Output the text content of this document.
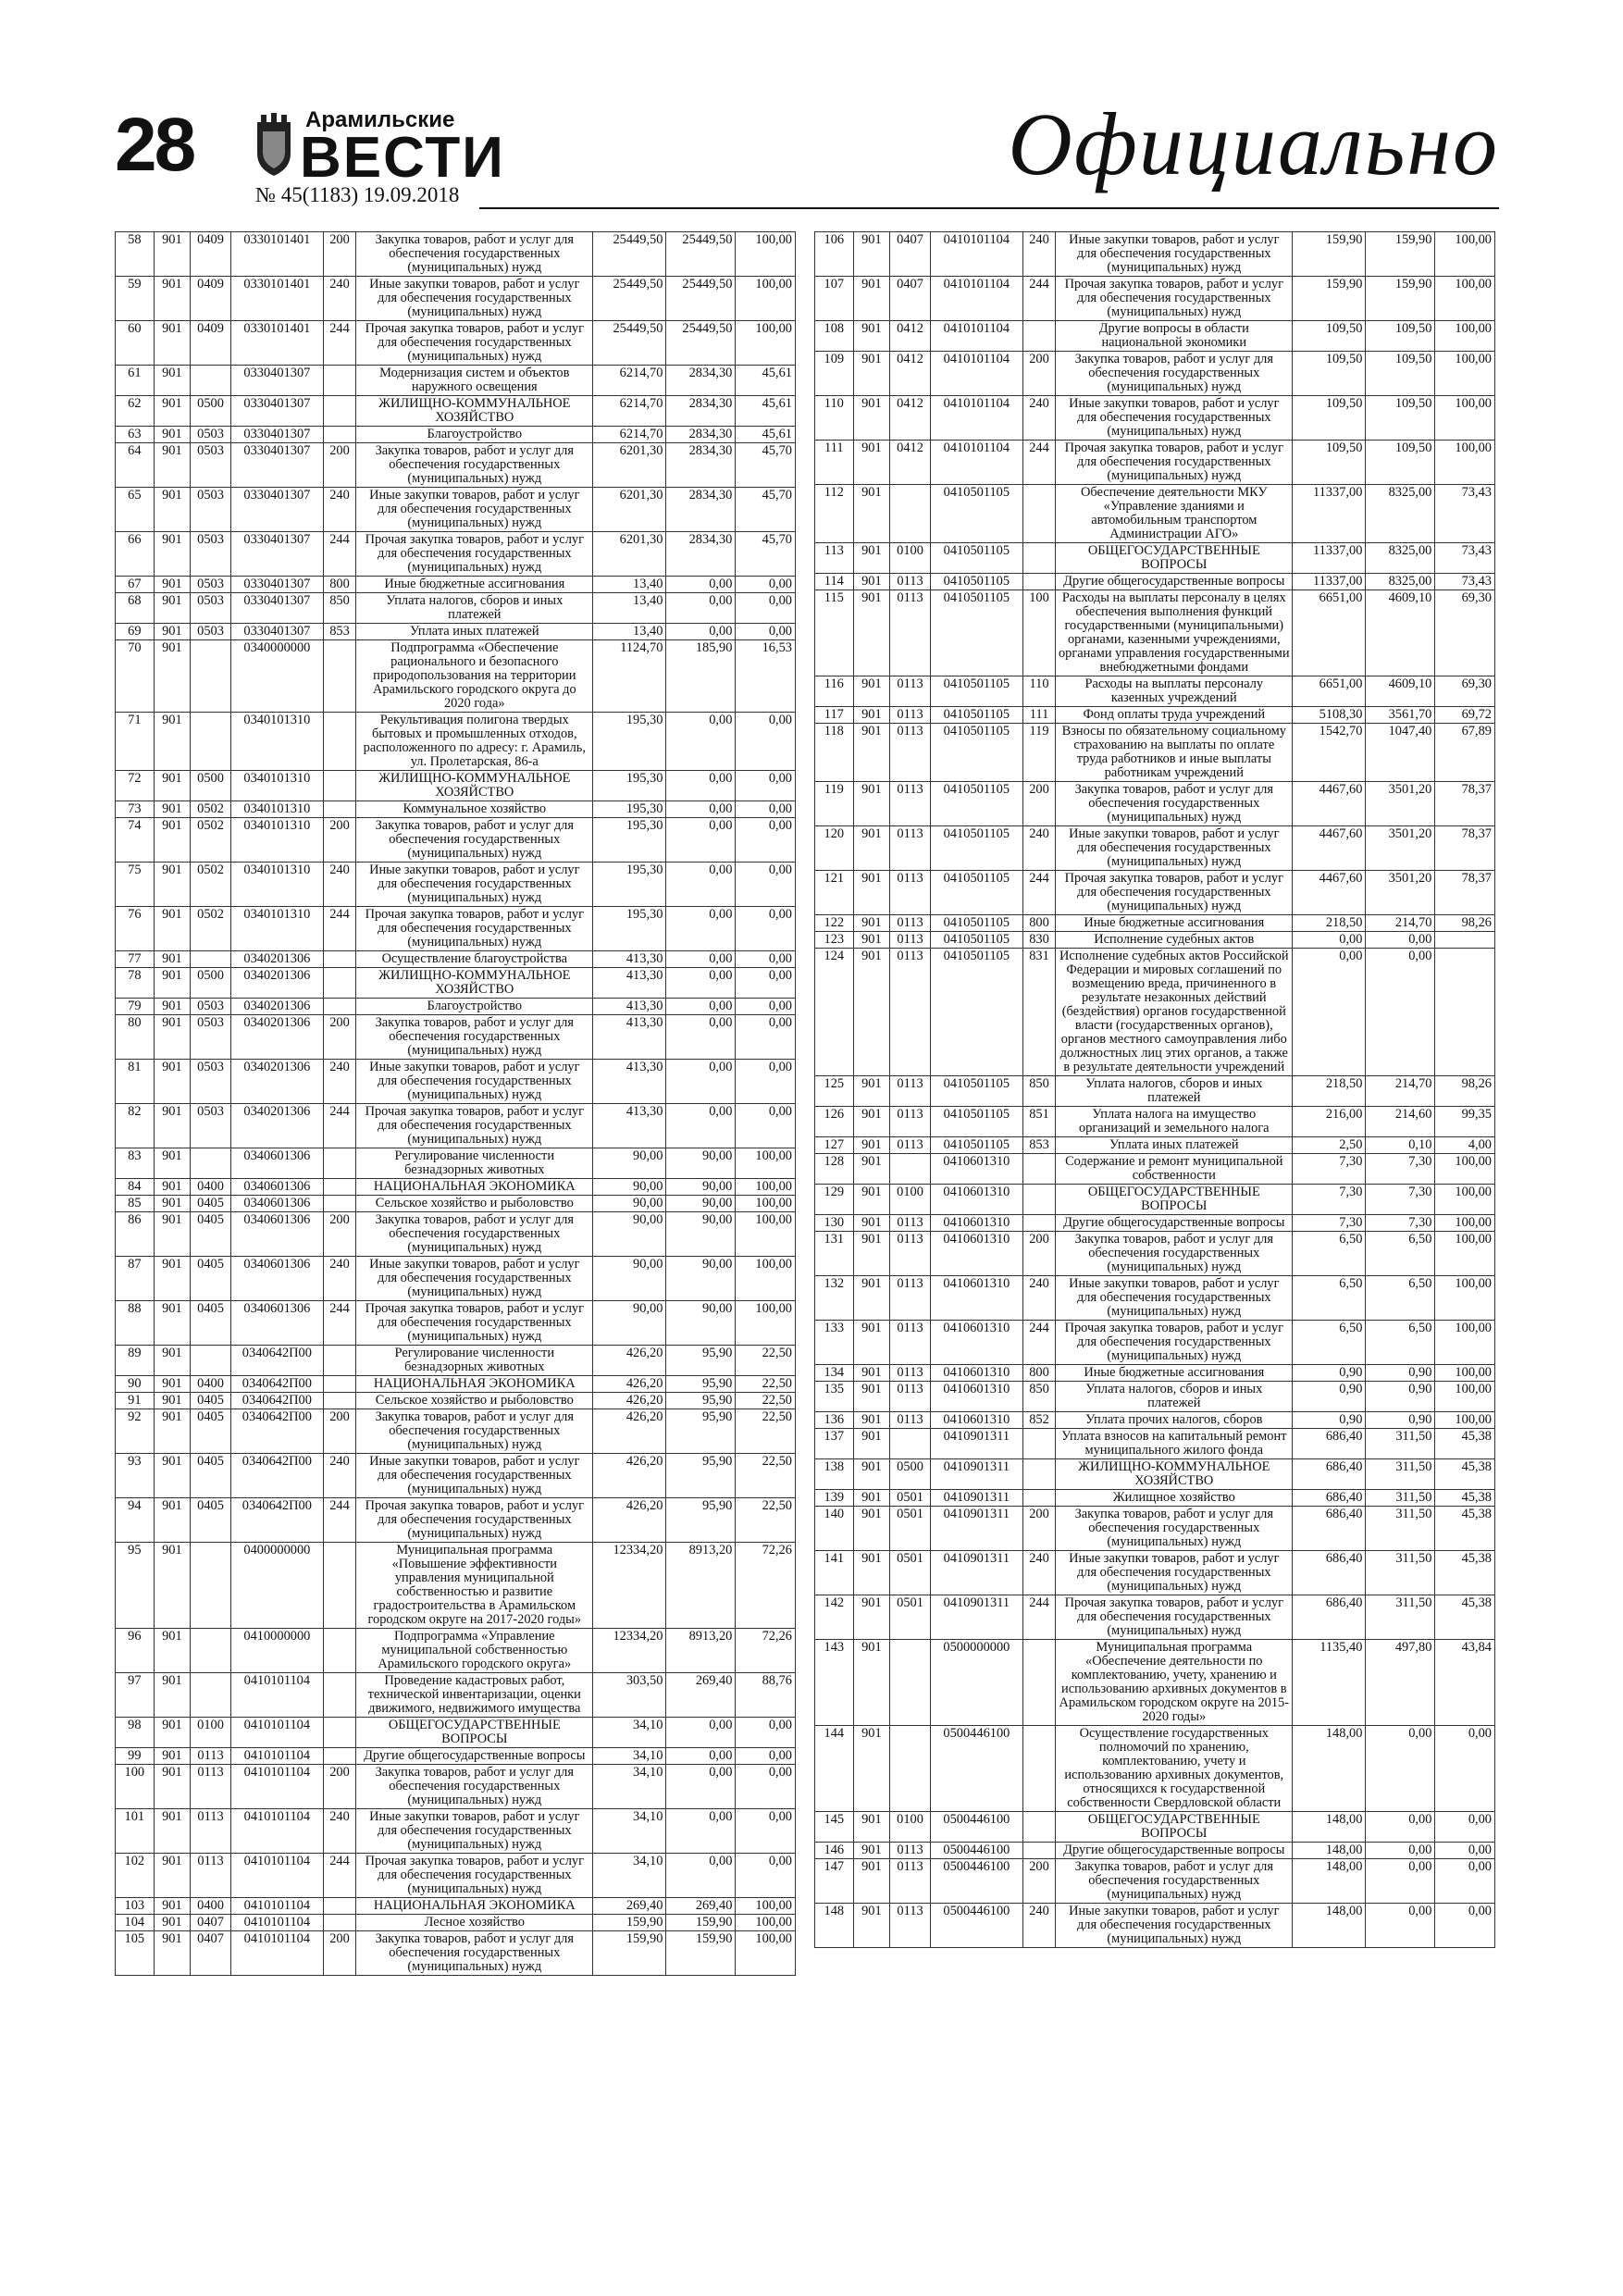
28	Арамильские
ВЕСТИ
№ 45(1183) 19.09.2018
Официально
58	901	0409	0330101401	200	Закупка товаров, работ и услуг для обеспечения государственных (муниципальных) нужд	25449,50	25449,50	100,00
59	901	0409	0330101401	240	Иные закупки товаров, работ и услуг для обеспечения государственных (муниципальных) нужд	25449,50	25449,50	100,00
60	901	0409	0330101401	244	Прочая закупка товаров, работ и услуг для обеспечения государственных (муниципальных) нужд	25449,50	25449,50	100,00
61	901		0330401307		Модернизация систем и объектов наружного освещения	6214,70	2834,30	45,61
62	901	0500	0330401307		ЖИЛИЩНО-КОММУНАЛЬНОЕ ХОЗЯЙСТВО	6214,70	2834,30	45,61
63	901	0503	0330401307		Благоустройство	6214,70	2834,30	45,61
64	901	0503	0330401307	200	Закупка товаров, работ и услуг для обеспечения государственных (муниципальных) нужд	6201,30	2834,30	45,70
65	901	0503	0330401307	240	Иные закупки товаров, работ и услуг для обеспечения государственных (муниципальных) нужд	6201,30	2834,30	45,70
66	901	0503	0330401307	244	Прочая закупка товаров, работ и услуг для обеспечения государственных (муниципальных) нужд	6201,30	2834,30	45,70
67	901	0503	0330401307	800	Иные бюджетные ассигнования	13,40	0,00	0,00
68	901	0503	0330401307	850	Уплата налогов, сборов и иных платежей	13,40	0,00	0,00
69	901	0503	0330401307	853	Уплата иных платежей	13,40	0,00	0,00
70	901		0340000000		Подпрограмма «Обеспечение рационального и безопасного природопользования на территории Арамильского городского округа до 2020 года»	1124,70	185,90	16,53
71	901		0340101310		Рекультивация полигона твердых бытовых и промышленных отходов, расположенного по адресу: г. Арамиль, ул. Пролетарская, 86-а	195,30	0,00	0,00
72	901	0500	0340101310		ЖИЛИЩНО-КОММУНАЛЬНОЕ ХОЗЯЙСТВО	195,30	0,00	0,00
73	901	0502	0340101310		Коммунальное хозяйство	195,30	0,00	0,00
74	901	0502	0340101310	200	Закупка товаров, работ и услуг для обеспечения государственных (муниципальных) нужд	195,30	0,00	0,00
75	901	0502	0340101310	240	Иные закупки товаров, работ и услуг для обеспечения государственных (муниципальных) нужд	195,30	0,00	0,00
76	901	0502	0340101310	244	Прочая закупка товаров, работ и услуг для обеспечения государственных (муниципальных) нужд	195,30	0,00	0,00
77	901		0340201306		Осуществление благоустройства	413,30	0,00	0,00
78	901	0500	0340201306		ЖИЛИЩНО-КОММУНАЛЬНОЕ ХОЗЯЙСТВО	413,30	0,00	0,00
79	901	0503	0340201306		Благоустройство	413,30	0,00	0,00
80	901	0503	0340201306	200	Закупка товаров, работ и услуг для обеспечения государственных (муниципальных) нужд	413,30	0,00	0,00
81	901	0503	0340201306	240	Иные закупки товаров, работ и услуг для обеспечения государственных (муниципальных) нужд	413,30	0,00	0,00
82	901	0503	0340201306	244	Прочая закупка товаров, работ и услуг для обеспечения государственных (муниципальных) нужд	413,30	0,00	0,00
83	901		0340601306		Регулирование численности безнадзорных животных	90,00	90,00	100,00
84	901	0400	0340601306		НАЦИОНАЛЬНАЯ ЭКОНОМИКА	90,00	90,00	100,00
85	901	0405	0340601306		Сельское хозяйство и рыболовство	90,00	90,00	100,00
86	901	0405	0340601306	200	Закупка товаров, работ и услуг для обеспечения государственных (муниципальных) нужд	90,00	90,00	100,00
87	901	0405	0340601306	240	Иные закупки товаров, работ и услуг для обеспечения государственных (муниципальных) нужд	90,00	90,00	100,00
88	901	0405	0340601306	244	Прочая закупка товаров, работ и услуг для обеспечения государственных (муниципальных) нужд	90,00	90,00	100,00
89	901		0340642П00		Регулирование численности безнадзорных животных	426,20	95,90	22,50
90	901	0400	0340642П00		НАЦИОНАЛЬНАЯ ЭКОНОМИКА	426,20	95,90	22,50
91	901	0405	0340642П00		Сельское хозяйство и рыболовство	426,20	95,90	22,50
92	901	0405	0340642П00	200	Закупка товаров, работ и услуг для обеспечения государственных (муниципальных) нужд	426,20	95,90	22,50
93	901	0405	0340642П00	240	Иные закупки товаров, работ и услуг для обеспечения государственных (муниципальных) нужд	426,20	95,90	22,50
94	901	0405	0340642П00	244	Прочая закупка товаров, работ и услуг для обеспечения государственных (муниципальных) нужд	426,20	95,90	22,50
95	901		0400000000		Муниципальная программа «Повышение эффективности управления муниципальной собственностью и развитие градостроительства в Арамильском городском округе на 2017-2020 годы»	12334,20	8913,20	72,26
96	901		0410000000		Подпрограмма «Управление муниципальной собственностью Арамильского городского округа»	12334,20	8913,20	72,26
97	901		0410101104		Проведение кадастровых работ, технической инвентаризации, оценки движимого, недвижимого имущества	303,50	269,40	88,76
98	901	0100	0410101104		ОБЩЕГОСУДАРСТВЕННЫЕ ВОПРОСЫ	34,10	0,00	0,00
99	901	0113	0410101104		Другие общегосударственные вопросы	34,10	0,00	0,00
100	901	0113	0410101104	200	Закупка товаров, работ и услуг для обеспечения государственных (муниципальных) нужд	34,10	0,00	0,00
101	901	0113	0410101104	240	Иные закупки товаров, работ и услуг для обеспечения государственных (муниципальных) нужд	34,10	0,00	0,00
102	901	0113	0410101104	244	Прочая закупка товаров, работ и услуг для обеспечения государственных (муниципальных) нужд	34,10	0,00	0,00
103	901	0400	0410101104		НАЦИОНАЛЬНАЯ ЭКОНОМИКА	269,40	269,40	100,00
104	901	0407	0410101104		Лесное хозяйство	159,90	159,90	100,00
105	901	0407	0410101104	200	Закупка товаров, работ и услуг для обеспечения государственных (муниципальных) нужд	159,90	159,90	100,00
106	901	0407	0410101104	240	Иные закупки товаров, работ и услуг для обеспечения государственных (муниципальных) нужд	159,90	159,90	100,00
107	901	0407	0410101104	244	Прочая закупка товаров, работ и услуг для обеспечения государственных (муниципальных) нужд	159,90	159,90	100,00
108	901	0412	0410101104		Другие вопросы в области национальной экономики	109,50	109,50	100,00
109	901	0412	0410101104	200	Закупка товаров, работ и услуг для обеспечения государственных (муниципальных) нужд	109,50	109,50	100,00
110	901	0412	0410101104	240	Иные закупки товаров, работ и услуг для обеспечения государственных (муниципальных) нужд	109,50	109,50	100,00
111	901	0412	0410101104	244	Прочая закупка товаров, работ и услуг для обеспечения государственных (муниципальных) нужд	109,50	109,50	100,00
112	901		0410501105		Обеспечение деятельности МКУ «Управление зданиями и автомобильным транспортом Администрации АГО»	11337,00	8325,00	73,43
113	901	0100	0410501105		ОБЩЕГОСУДАРСТВЕННЫЕ ВОПРОСЫ	11337,00	8325,00	73,43
114	901	0113	0410501105		Другие общегосударственные вопросы	11337,00	8325,00	73,43
115	901	0113	0410501105	100	Расходы на выплаты персоналу в целях обеспечения выполнения функций государственными (муниципальными) органами, казенными учреждениями, органами управления государственными внебюджетными фондами	6651,00	4609,10	69,30
116	901	0113	0410501105	110	Расходы на выплаты персоналу казенных учреждений	6651,00	4609,10	69,30
117	901	0113	0410501105	111	Фонд оплаты труда учреждений	5108,30	3561,70	69,72
118	901	0113	0410501105	119	Взносы по обязательному социальному страхованию на выплаты по оплате труда работников и иные выплаты работникам учреждений	1542,70	1047,40	67,89
119	901	0113	0410501105	200	Закупка товаров, работ и услуг для обеспечения государственных (муниципальных) нужд	4467,60	3501,20	78,37
120	901	0113	0410501105	240	Иные закупки товаров, работ и услуг для обеспечения государственных (муниципальных) нужд	4467,60	3501,20	78,37
121	901	0113	0410501105	244	Прочая закупка товаров, работ и услуг для обеспечения государственных (муниципальных) нужд	4467,60	3501,20	78,37
122	901	0113	0410501105	800	Иные бюджетные ассигнования	218,50	214,70	98,26
123	901	0113	0410501105	830	Исполнение судебных актов	0,00	0,00	
124	901	0113	0410501105	831	Исполнение судебных актов Российской Федерации и мировых соглашений по возмещению вреда, причиненного в результате незаконных действий (бездействия) органов государственной власти (государственных органов), органов местного самоуправления либо должностных лиц этих органов, а также в результате деятельности учреждений	0,00	0,00	
125	901	0113	0410501105	850	Уплата налогов, сборов и иных платежей	218,50	214,70	98,26
126	901	0113	0410501105	851	Уплата налога на имущество организаций и земельного налога	216,00	214,60	99,35
127	901	0113	0410501105	853	Уплата иных платежей	2,50	0,10	4,00
128	901		0410601310		Содержание и ремонт муниципальной собственности	7,30	7,30	100,00
129	901	0100	0410601310		ОБЩЕГОСУДАРСТВЕННЫЕ ВОПРОСЫ	7,30	7,30	100,00
130	901	0113	0410601310		Другие общегосударственные вопросы	7,30	7,30	100,00
131	901	0113	0410601310	200	Закупка товаров, работ и услуг для обеспечения государственных (муниципальных) нужд	6,50	6,50	100,00
132	901	0113	0410601310	240	Иные закупки товаров, работ и услуг для обеспечения государственных (муниципальных) нужд	6,50	6,50	100,00
133	901	0113	0410601310	244	Прочая закупка товаров, работ и услуг для обеспечения государственных (муниципальных) нужд	6,50	6,50	100,00
134	901	0113	0410601310	800	Иные бюджетные ассигнования	0,90	0,90	100,00
135	901	0113	0410601310	850	Уплата налогов, сборов и иных платежей	0,90	0,90	100,00
136	901	0113	0410601310	852	Уплата прочих налогов, сборов	0,90	0,90	100,00
137	901		0410901311		Уплата взносов на капитальный ремонт муниципального жилого фонда	686,40	311,50	45,38
138	901	0500	0410901311		ЖИЛИЩНО-КОММУНАЛЬНОЕ ХОЗЯЙСТВО	686,40	311,50	45,38
139	901	0501	0410901311		Жилищное хозяйство	686,40	311,50	45,38
140	901	0501	0410901311	200	Закупка товаров, работ и услуг для обеспечения государственных (муниципальных) нужд	686,40	311,50	45,38
141	901	0501	0410901311	240	Иные закупки товаров, работ и услуг для обеспечения государственных (муниципальных) нужд	686,40	311,50	45,38
142	901	0501	0410901311	244	Прочая закупка товаров, работ и услуг для обеспечения государственных (муниципальных) нужд	686,40	311,50	45,38
143	901		0500000000		Муниципальная программа «Обеспечение деятельности по комплектованию, учету, хранению и использованию архивных документов в Арамильском городском округе на 2015-2020 годы»	1135,40	497,80	43,84
144	901		0500446100		Осуществление государственных полномочий по хранению, комплектованию, учету и использованию архивных документов, относящихся к государственной собственности Свердловской области	148,00	0,00	0,00
145	901	0100	0500446100		ОБЩЕГОСУДАРСТВЕННЫЕ ВОПРОСЫ	148,00	0,00	0,00
146	901	0113	0500446100		Другие общегосударственные вопросы	148,00	0,00	0,00
147	901	0113	0500446100	200	Закупка товаров, работ и услуг для обеспечения государственных (муниципальных) нужд	148,00	0,00	0,00
148	901	0113	0500446100	240	Иные закупки товаров, работ и услуг для обеспечения государственных (муниципальных) нужд	148,00	0,00	0,00
